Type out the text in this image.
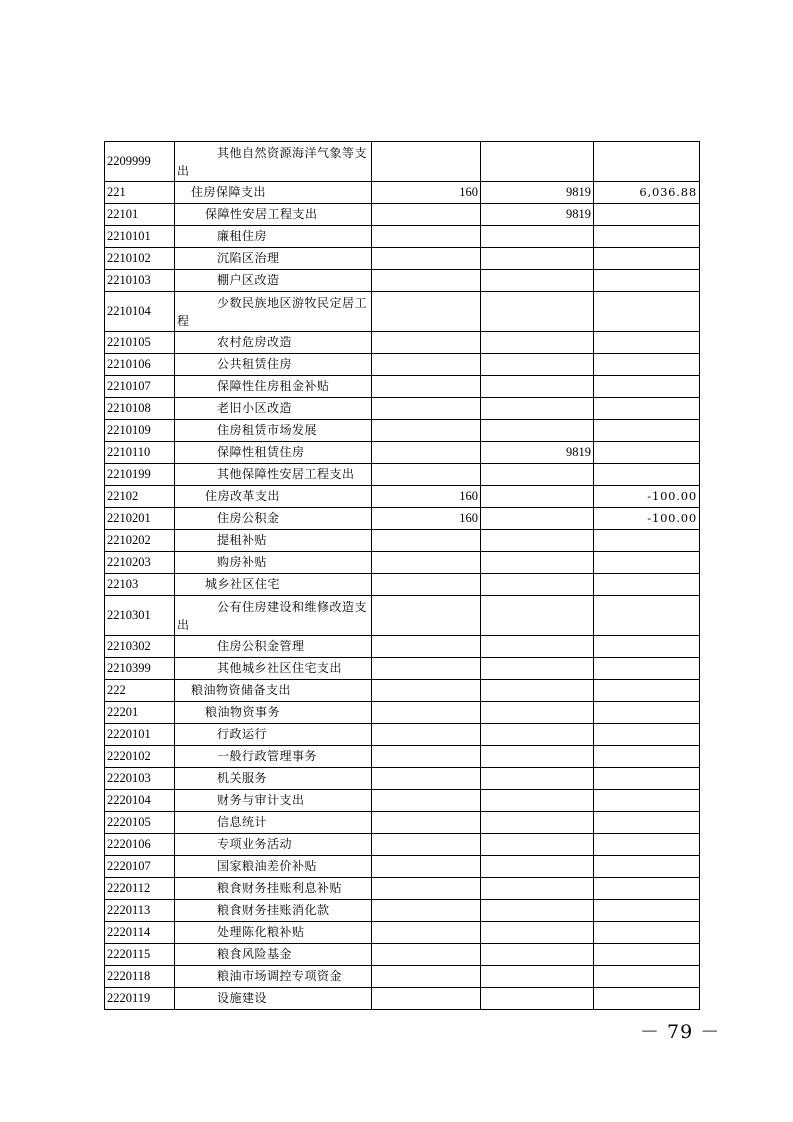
2209999	其他自然资源海洋气象等支出			
221	住房保障支出	160	9819	6,036.88
22101	保障性安居工程支出		9819	
2210101	廉租住房			
2210102	沉陷区治理			
2210103	棚户区改造			
2210104	少数民族地区游牧民定居工程			
2210105	农村危房改造			
2210106	公共租赁住房			
2210107	保障性住房租金补贴			
2210108	老旧小区改造			
2210109	住房租赁市场发展			
2210110	保障性租赁住房		9819	
2210199	其他保障性安居工程支出			
22102	住房改革支出	160		-100.00
2210201	住房公积金	160		-100.00
2210202	提租补贴			
2210203	购房补贴			
22103	城乡社区住宅			
2210301	公有住房建设和维修改造支出			
2210302	住房公积金管理			
2210399	其他城乡社区住宅支出			
222	粮油物资储备支出			
22201	粮油物资事务			
2220101	行政运行			
2220102	一般行政管理事务			
2220103	机关服务			
2220104	财务与审计支出			
2220105	信息统计			
2220106	专项业务活动			
2220107	国家粮油差价补贴			
2220112	粮食财务挂账利息补贴			
2220113	粮食财务挂账消化款			
2220114	处理陈化粮补贴			
2220115	粮食风险基金			
2220118	粮油市场调控专项资金			
2220119	设施建设			
－ 79 －
